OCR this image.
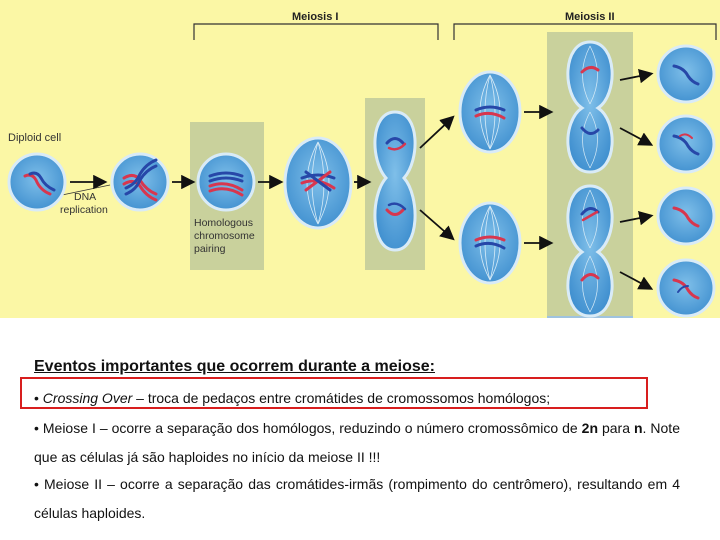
Meiosis I	Meiosis II
Diploid cell
DNA
replication
Homologous
chromosome
pairing
Eventos importantes que ocorrem durante a meiose:
• Crossing Over – troca de pedaços entre cromátides de cromossomos homólogos;
• Meiose I – ocorre a separação dos homólogos, reduzindo o número cromossômico de 2n para n. Note que as células já são haploides no início da meiose II !!!
• Meiose II – ocorre a separação das cromátides-irmãs (rompimento do centrômero), resultando em 4 células haploides.
